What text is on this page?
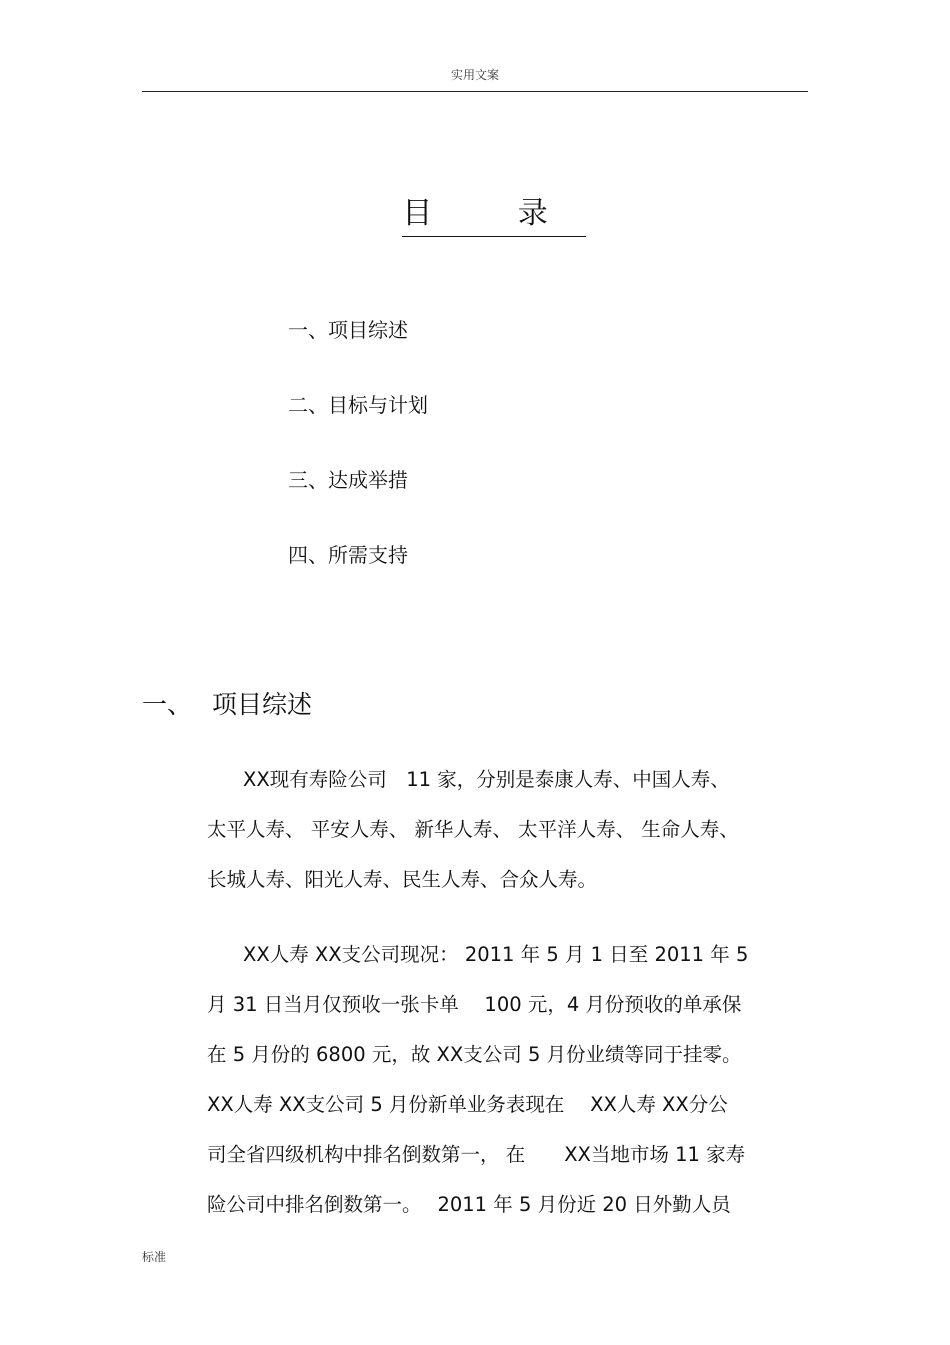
实用文案
目 录
一、项目综述
二、目标与计划
三、达成举措
四、所需支持
一、 项目综述

XX现有寿险公司　11 家，分别是泰康人寿、中国人寿、
太平人寿、 平安人寿、 新华人寿、 太平洋人寿、 生命人寿、
长城人寿、阳光人寿、民生人寿、合众人寿。

XX人寿 XX支公司现况： 2011 年 5 月 1 日至 2011 年 5
月 31 日当月仅预收一张卡单　 100 元，4 月份预收的单承保
在 5 月份的 6800 元，故 XX支公司 5 月份业绩等同于挂零。
XX人寿 XX支公司 5 月份新单业务表现在　 XX人寿 XX分公
司全省四级机构中排名倒数第一， 在　　XX当地市场 11 家寿
险公司中排名倒数第一。　 2011 年 5 月份近 20 日外勤人员

标准
